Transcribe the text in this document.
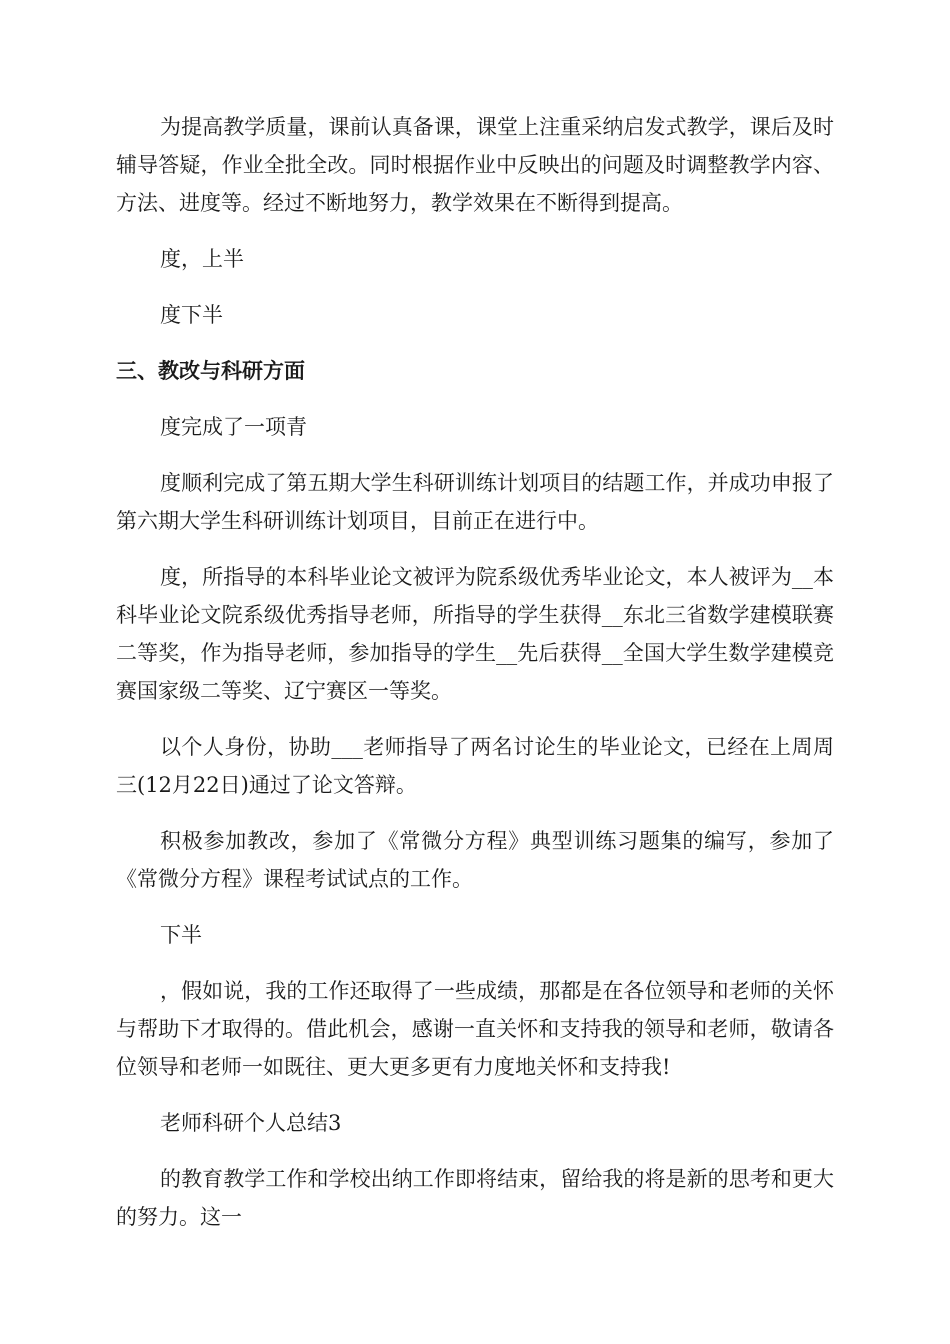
为提高教学质量，课前认真备课，课堂上注重采纳启发式教学，课后及时辅导答疑，作业全批全改。同时根据作业中反映出的问题及时调整教学内容、方法、进度等。经过不断地努力，教学效果在不断得到提高。

度，上半

度下半

三、教改与科研方面

度完成了一项青

度顺利完成了第五期大学生科研训练计划项目的结题工作，并成功申报了第六期大学生科研训练计划项目，目前正在进行中。

度，所指导的本科毕业论文被评为院系级优秀毕业论文，本人被评为__本科毕业论文院系级优秀指导老师，所指导的学生获得__东北三省数学建模联赛二等奖，作为指导老师，参加指导的学生__先后获得__全国大学生数学建模竞赛国家级二等奖、辽宁赛区一等奖。

以个人身份，协助___老师指导了两名讨论生的毕业论文，已经在上周周三(12月22日)通过了论文答辩。

积极参加教改，参加了《常微分方程》典型训练习题集的编写，参加了《常微分方程》课程考试试点的工作。

下半

，假如说，我的工作还取得了一些成绩，那都是在各位领导和老师的关怀与帮助下才取得的。借此机会，感谢一直关怀和支持我的领导和老师，敬请各位领导和老师一如既往、更大更多更有力度地关怀和支持我!

老师科研个人总结3

的教育教学工作和学校出纳工作即将结束，留给我的将是新的思考和更大的努力。这一
